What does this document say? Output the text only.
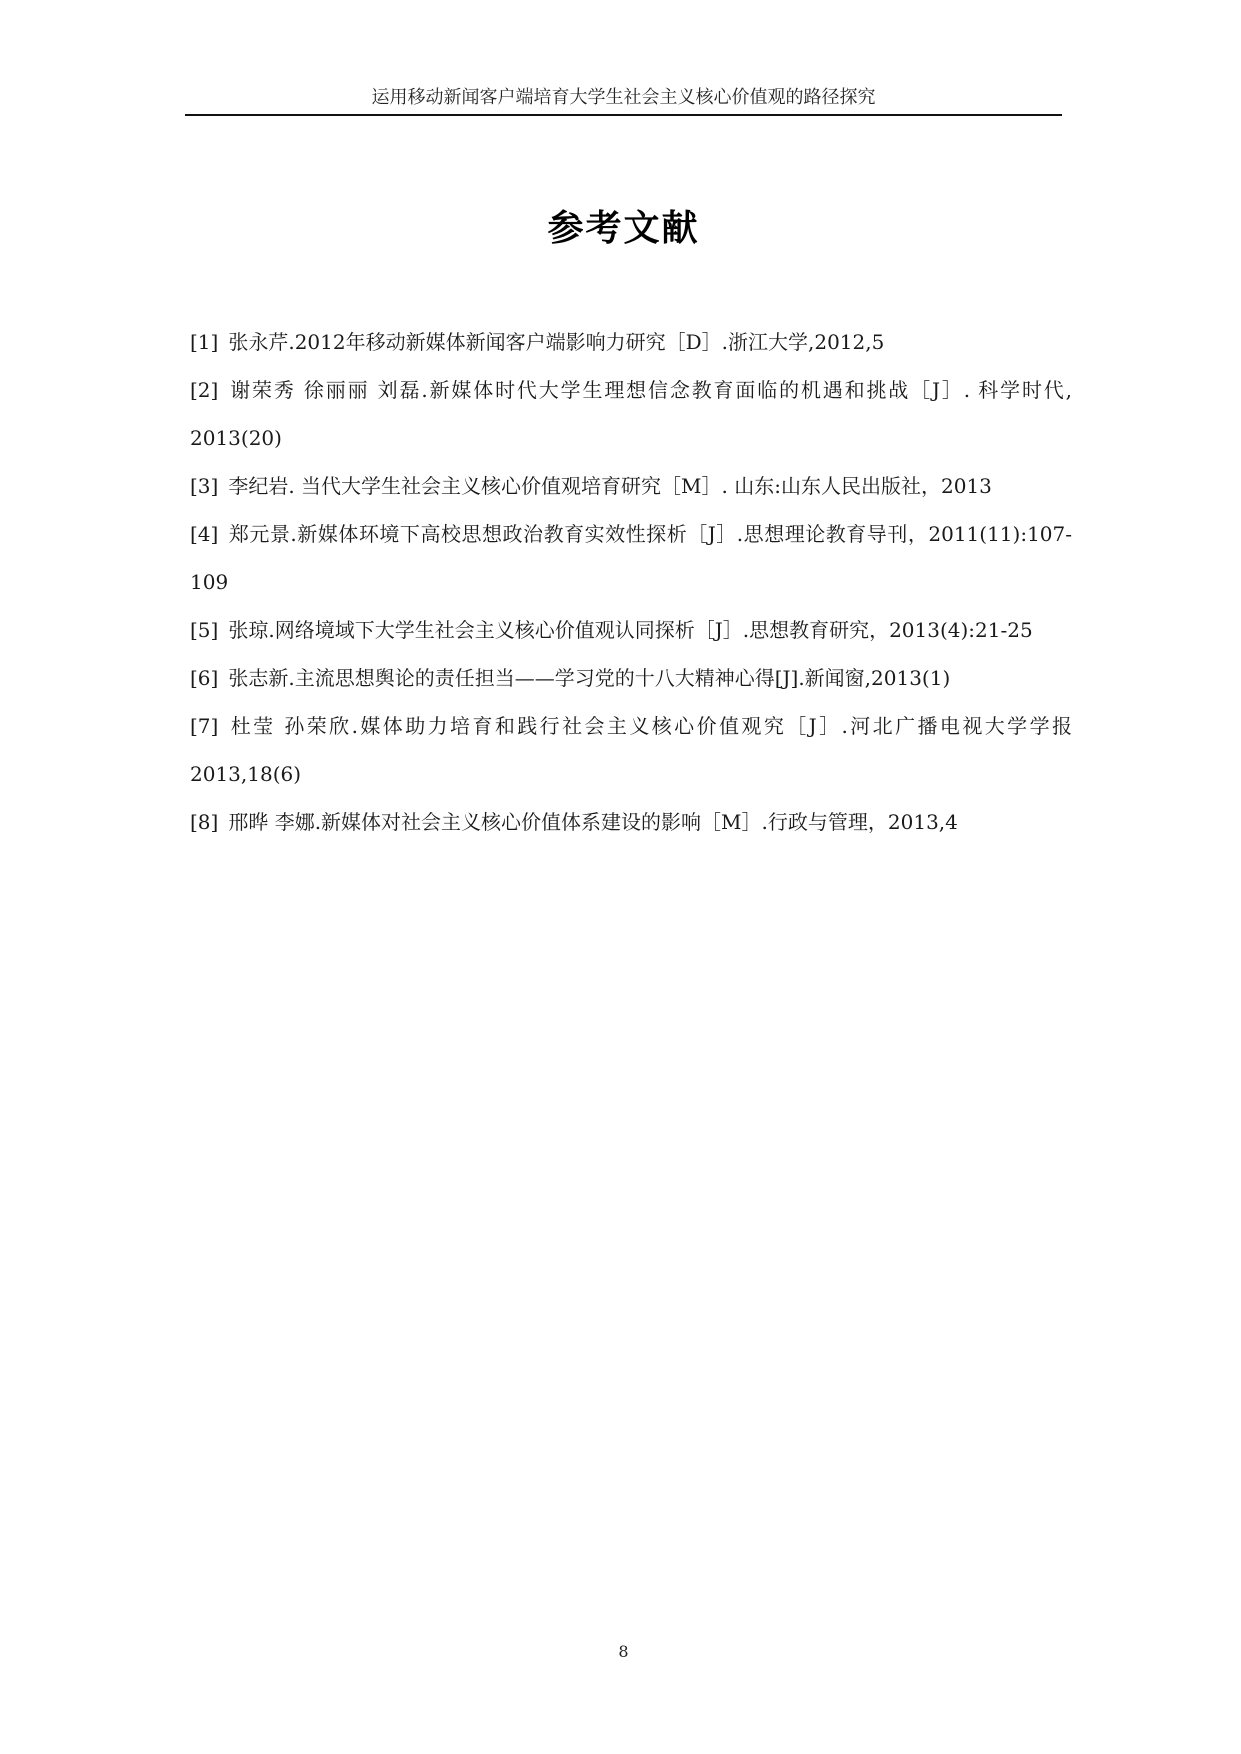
运用移动新闻客户端培育大学生社会主义核心价值观的路径探究
参考文献
[1] 张永芹.2012年移动新媒体新闻客户端影响力研究［D］.浙江大学,2012,5
[2] 谢荣秀 徐丽丽 刘磊.新媒体时代大学生理想信念教育面临的机遇和挑战［J］. 科学时代, 2013(20)
[3] 李纪岩. 当代大学生社会主义核心价值观培育研究［M］. 山东:山东人民出版社，2013
[4] 郑元景.新媒体环境下高校思想政治教育实效性探析［J］.思想理论教育导刊，2011(11):107-109
[5] 张琼.网络境域下大学生社会主义核心价值观认同探析［J］.思想教育研究，2013(4):21-25
[6] 张志新.主流思想舆论的责任担当——学习党的十八大精神心得[J].新闻窗,2013(1)
[7] 杜莹 孙荣欣.媒体助力培育和践行社会主义核心价值观究［J］.河北广播电视大学学报2013,18(6)
[8] 邢晔 李娜.新媒体对社会主义核心价值体系建设的影响［M］.行政与管理，2013,4
8
